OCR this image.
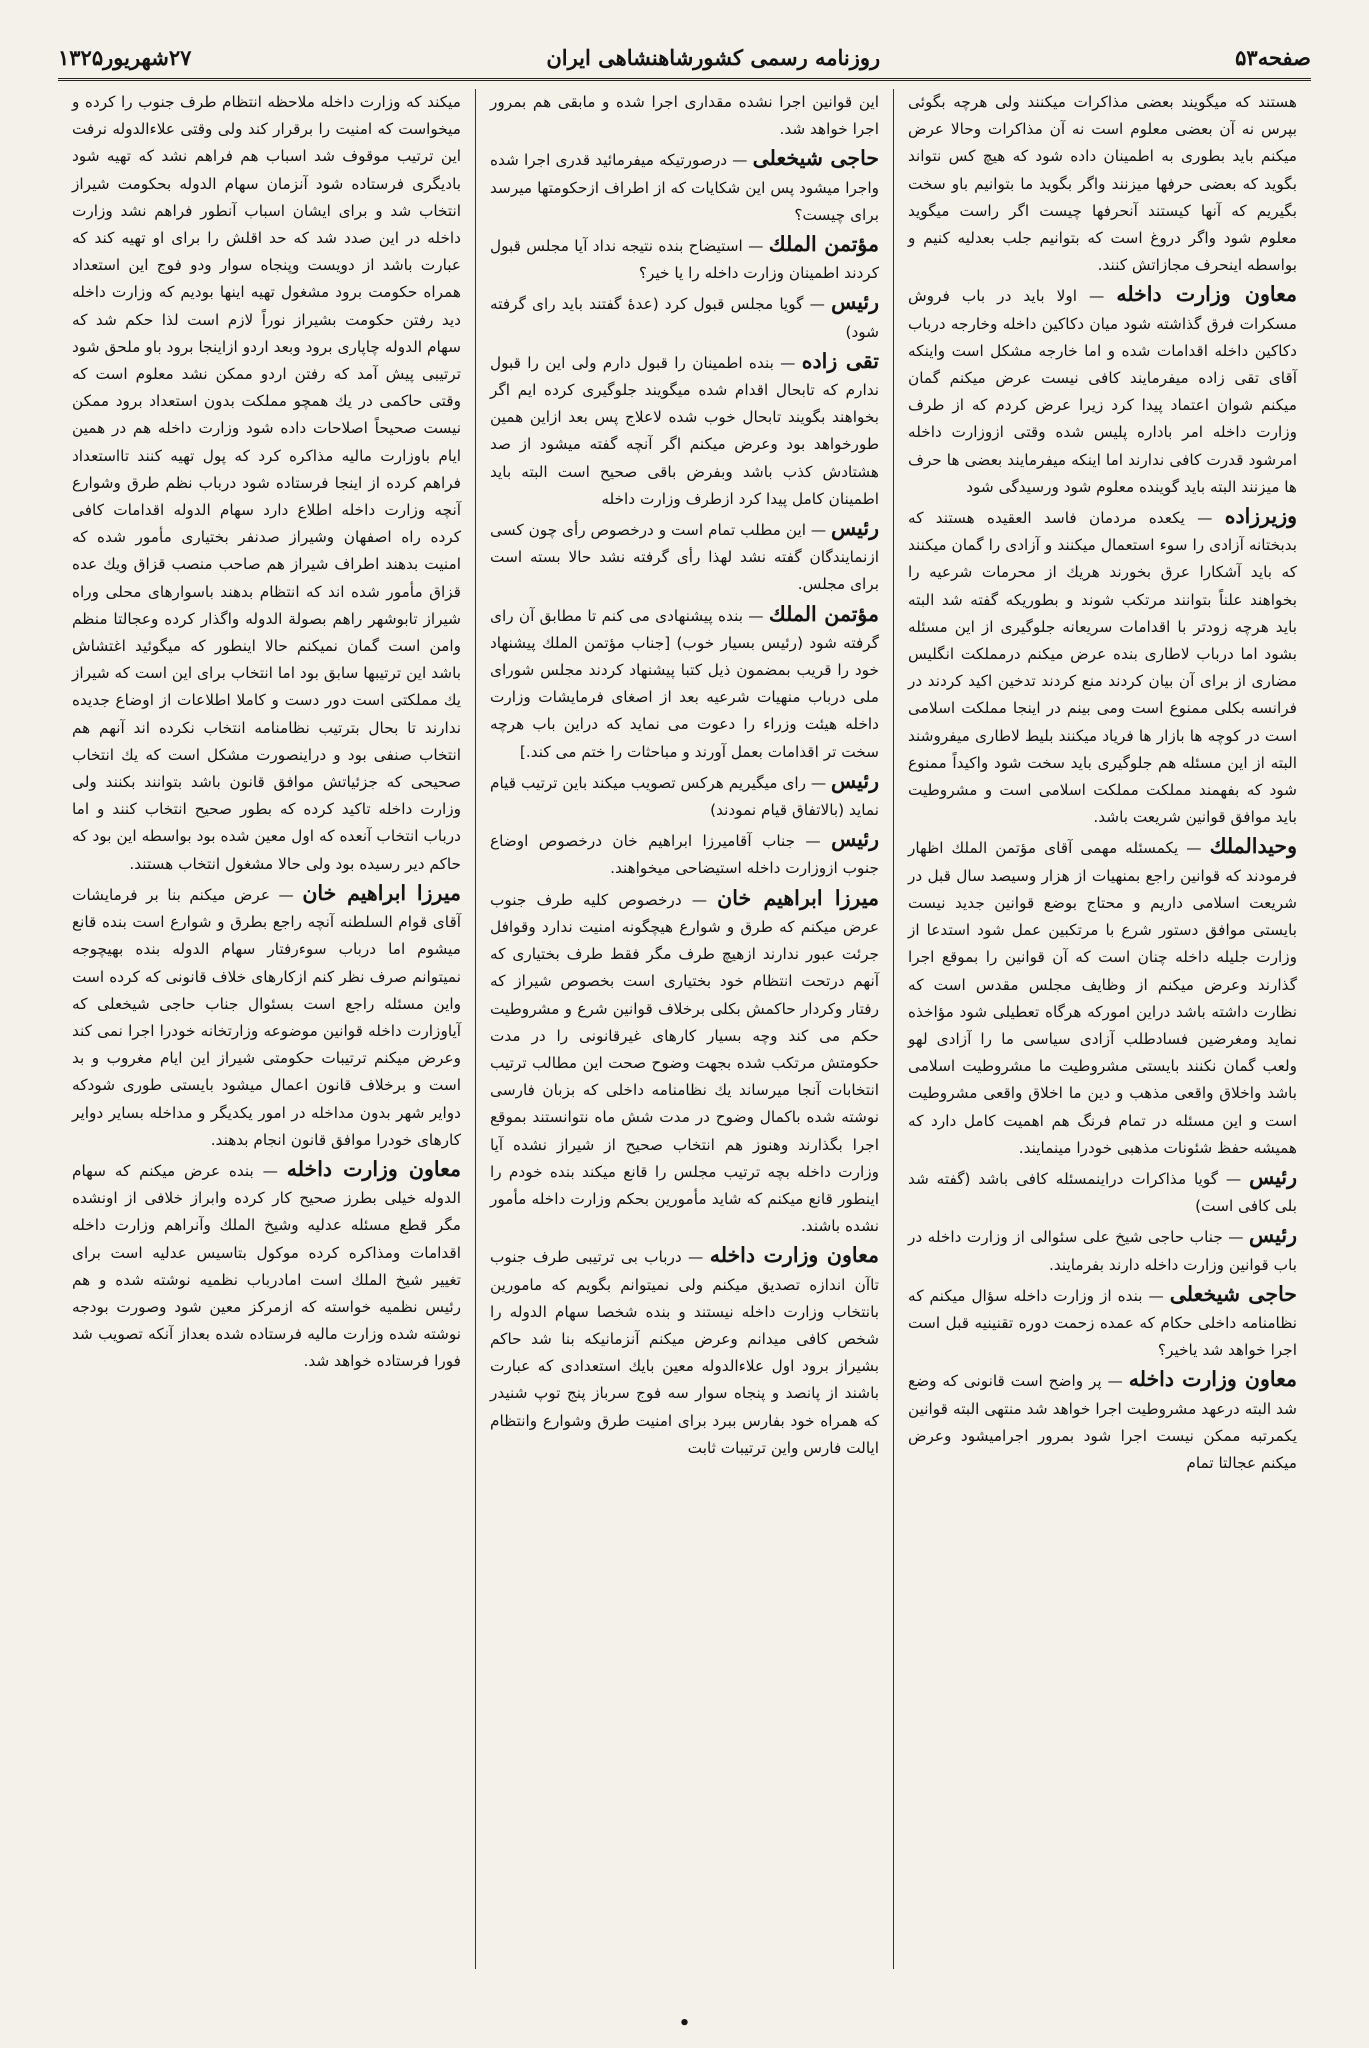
صفحه۵۳
روزنامه رسمی کشورشاهنشاهی ایران
۲۷شهریور۱۳۲۵

هستند که میگویند بعضی مذاکرات میکنند ولی هرچه بگوئی بپرس نه آن بعضی معلوم است نه آن مذاکرات وحالا عرض میکنم باید بطوری به اطمینان داده شود که هیچ کس نتواند بگوید که بعضی حرفها میزنند واگر بگوید ما بتوانیم باو سخت بگیریم که آنها کیستند آنحرفها چیست اگر راست میگوید معلوم شود واگر دروغ است که بتوانیم جلب بعدلیه کنیم و بواسطه اینحرف مجازاتش کنند.

معاون وزارت داخله — اولا باید در باب فروش مسکرات فرق گذاشته شود میان دکاکین داخله وخارجه درباب دکاکین داخله اقدامات شده و اما خارجه مشکل است واینکه آقای تقی زاده میفرمایند کافی نیست عرض میکنم گمان میکنم شوان اعتماد پیدا کرد زیرا عرض کردم که از طرف وزارت داخله امر باداره پلیس شده وقتی ازوزارت داخله امرشود قدرت کافی ندارند اما اینکه میفرمایند بعضی ها حرف ها میزنند البته باید گوینده معلوم شود ورسیدگی شود

وزیرزاده — یکعده مردمان فاسد العقیده هستند که بدبختانه آزادی را سوء استعمال میکنند و آزادی را گمان میکنند که باید آشکارا عرق بخورند هریك از محرمات شرعیه را بخواهند علناً بتوانند مرتکب شوند و بطوریکه گفته شد البته باید هرچه زودتر با اقدامات سریعانه جلوگیری از این مسئله بشود اما درباب لاطاری بنده عرض میکنم درمملکت انگلیس مضاری از برای آن بیان کردند منع کردند تدخین اکید کردند در فرانسه بکلی ممنوع است ومی بینم در اینجا مملکت اسلامی است در کوچه ها بازار ها فریاد میکنند بلیط لاطاری میفروشند البته از این مسئله هم جلوگیری باید سخت شود واکیداً ممنوع شود که بفهمند مملکت مملکت اسلامی است و مشروطیت باید موافق قوانین شریعت باشد.

وحیدالملك — یکمسئله مهمی آقای مؤتمن الملك اظهار فرمودند که قوانین راجع بمنهیات از هزار وسیصد سال قبل در شریعت اسلامی داریم و محتاج بوضع قوانین جدید نیست بایستی موافق دستور شرع با مرتکبین عمل شود استدعا از وزارت جلیله داخله چنان است که آن قوانین را بموقع اجرا گذارند وعرض میکنم از وظایف مجلس مقدس است که نظارت داشته باشد دراین امورکه هرگاه تعطیلی شود مؤاخذه نماید ومغرضین فسادطلب آزادی سیاسی ما را آزادی لهو ولعب گمان نکنند بایستی مشروطیت ما مشروطیت اسلامی باشد واخلاق واقعی مذهب و دین ما اخلاق واقعی مشروطیت است و این مسئله در تمام فرنگ هم اهمیت کامل دارد که همیشه حفظ شئونات مذهبی خودرا مینمایند.

رئیس — گویا مذاکرات دراینمسئله کافی باشد (گفته شد بلی کافی است)

رئیس — جناب حاجی شیخ علی سئوالی از وزارت داخله در باب قوانین وزارت داخله دارند بفرمایند.

حاجی شیخعلی — بنده از وزارت داخله سؤال میکنم که نظامنامه داخلی حکام که عمده زحمت دوره تقنینیه قبل است اجرا خواهد شد یاخیر؟

معاون وزارت داخله — پر واضح است قانونی که وضع شد البته درعهد مشروطیت اجرا خواهد شد منتهی البته قوانین یکمرتبه ممکن نیست اجرا شود بمرور اجرامیشود وعرض میکنم عجالتا تمام

این قوانین اجرا نشده مقداری اجرا شده و مابقی هم بمرور اجرا خواهد شد.

حاجی شیخعلی — درصورتیکه میفرمائید قدری اجرا شده واجرا میشود پس این شکایات که از اطراف ازحکومتها میرسد برای چیست؟

مؤتمن الملك — استیضاح بنده نتیجه نداد آیا مجلس قبول کردند اطمینان وزارت داخله را یا خیر؟

رئیس — گویا مجلس قبول کرد (عدهٔ گفتند باید رای گرفته شود)

تقی زاده — بنده اطمینان را قبول دارم ولی این را قبول ندارم که تابحال اقدام شده میگویند جلوگیری کرده ایم اگر بخواهند بگویند تابحال خوب شده لاعلاج پس بعد ازاین همین طورخواهد بود وعرض میکنم اگر آنچه گفته میشود از صد هشتادش کذب باشد وبفرض باقی صحیح است البته باید اطمینان کامل پیدا کرد ازطرف وزارت داخله

رئیس — این مطلب تمام است و درخصوص رأی چون کسی ازنمایندگان گفته نشد لهذا رأی گرفته نشد حالا بسته است برای مجلس.

مؤتمن الملك — بنده پیشنهادی می کنم تا مطابق آن رای گرفته شود (رئیس بسیار خوب) [جناب مؤتمن الملك پیشنهاد خود را قریب بمضمون ذیل کتبا پیشنهاد کردند مجلس شورای ملی درباب منهیات شرعیه بعد از اصغای فرمایشات وزارت داخله هیئت وزراء را دعوت می نماید که دراین باب هرچه سخت تر اقدامات بعمل آورند و مباحثات را ختم می کند.]

رئیس — رای میگیریم هرکس تصویب میکند باین ترتیب قیام نماید (بالاتفاق قیام نمودند)

رئیس — جناب آقامیرزا ابراهیم خان درخصوص اوضاع جنوب ازوزارت داخله استیضاحی میخواهند.

میرزا ابراهیم خان — درخصوص کلیه طرف جنوب عرض میکنم که طرق و شوارع هیچگونه امنیت ندارد وقوافل جرئت عبور ندارند ازهیچ طرف مگر فقط طرف بختیاری که آنهم درتحت انتظام خود بختیاری است بخصوص شیراز که رفتار وکردار حاکمش بکلی برخلاف قوانین شرع و مشروطیت حکم می کند وچه بسیار کارهای غیرقانونی را در مدت حکومتش مرتکب شده بجهت وضوح صحت این مطالب ترتیب انتخابات آنجا میرساند یك نظامنامه داخلی که بزبان فارسی نوشته شده باکمال وضوح در مدت شش ماه نتوانستند بموقع اجرا بگذارند وهنوز هم انتخاب صحیح از شیراز نشده آیا وزارت داخله بچه ترتیب مجلس را قانع میکند بنده خودم را اینطور قانع میکنم که شاید مأمورین بحکم وزارت داخله مأمور نشده باشند.

معاون وزارت داخله — درباب بی ترتیبی طرف جنوب تاآن اندازه تصدیق میکنم ولی نمیتوانم بگویم که مامورین بانتخاب وزارت داخله نیستند و بنده شخصا سهام الدوله را شخص کافی میدانم وعرض میکنم آنزمانیکه بنا شد حاکم بشیراز برود اول علاءالدوله معین بایك استعدادی که عبارت باشند از پانصد و پنجاه سوار سه فوج سرباز پنج توپ شنیدر که همراه خود بفارس ببرد برای امنیت طرق وشوارع وانتظام ایالت فارس واین ترتیبات ثابت

میکند که وزارت داخله ملاحظه انتظام طرف جنوب را کرده و میخواست که امنیت را برقرار کند ولی وقتی علاءالدوله نرفت این ترتیب موقوف شد اسباب هم فراهم نشد که تهیه شود بادیگری فرستاده شود آنزمان سهام الدوله بحکومت شیراز انتخاب شد و برای ایشان اسباب آنطور فراهم نشد وزارت داخله در این صدد شد که حد اقلش را برای او تهیه کند که عبارت باشد از دویست وپنجاه سوار ودو فوج این استعداد همراه حکومت برود مشغول تهیه اینها بودیم که وزارت داخله دید رفتن حکومت بشیراز نوراً لازم است لذا حکم شد که سهام الدوله چاپاری برود وبعد اردو ازاینجا برود باو ملحق شود ترتیبی پیش آمد که رفتن اردو ممکن نشد معلوم است که وقتی حاکمی در یك همچو مملکت بدون استعداد برود ممکن نیست صحیحاً اصلاحات داده شود وزارت داخله هم در همین ایام باوزارت مالیه مذاکره کرد که پول تهیه کنند تااستعداد فراهم کرده از اینجا فرستاده شود درباب نظم طرق وشوارع آنچه وزارت داخله اطلاع دارد سهام الدوله اقدامات کافی کرده راه اصفهان وشیراز صدنفر بختیاری مأمور شده که امنیت بدهند اطراف شیراز هم صاحب منصب قزاق ویك عده قزاق مأمور شده اند که انتظام بدهند باسوارهای محلی وراه شیراز تابوشهر راهم بصولة الدوله واگذار کرده وعجالتا منظم وامن است گمان نمیکنم حالا اینطور که میگوئید اغتشاش باشد این ترتیبها سابق بود اما انتخاب برای این است که شیراز یك مملکتی است دور دست و کاملا اطلاعات از اوضاع جدیده ندارند تا بحال بترتیب نظامنامه انتخاب نکرده اند آنهم هم انتخاب صنفی بود و دراینصورت مشکل است که یك انتخاب صحیحی که جزئیاتش موافق قانون باشد بتوانند بکنند ولی وزارت داخله تاکید کرده که بطور صحیح انتخاب کنند و اما درباب انتخاب آنعده که اول معین شده بود بواسطه این بود که حاکم دیر رسیده بود ولی حالا مشغول انتخاب هستند.

میرزا ابراهیم خان — عرض میکنم بنا بر فرمایشات آقای قوام السلطنه آنچه راجع بطرق و شوارع است بنده قانع میشوم اما درباب سوءرفتار سهام الدوله بنده بهیچوجه نمیتوانم صرف نظر کنم ازکارهای خلاف قانونی که کرده است واین مسئله راجع است بسئوال جناب حاجی شیخعلی که آیاوزارت داخله قوانین موضوعه وزارتخانه خودرا اجرا نمی کند وعرض میکنم ترتیبات حکومتی شیراز این ایام مغروب و بد است و برخلاف قانون اعمال میشود بایستی طوری شودکه دوایر شهر بدون مداخله در امور یکدیگر و مداخله بسایر دوایر کارهای خودرا موافق قانون انجام بدهند.

معاون وزارت داخله — بنده عرض میکنم که سهام الدوله خیلی بطرز صحیح کار کرده وابراز خلافی از اونشده مگر قطع مسئله عدلیه وشیخ الملك وآنراهم وزارت داخله اقدامات ومذاکره کرده موکول بتاسیس عدلیه است برای تغییر شیخ الملك است امادرباب نظمیه نوشته شده و هم رئیس نظمیه خواسته که ازمرکز معین شود وصورت بودجه نوشته شده وزارت مالیه فرستاده شده بعداز آنکه تصویب شد فورا فرستاده خواهد شد.

•
